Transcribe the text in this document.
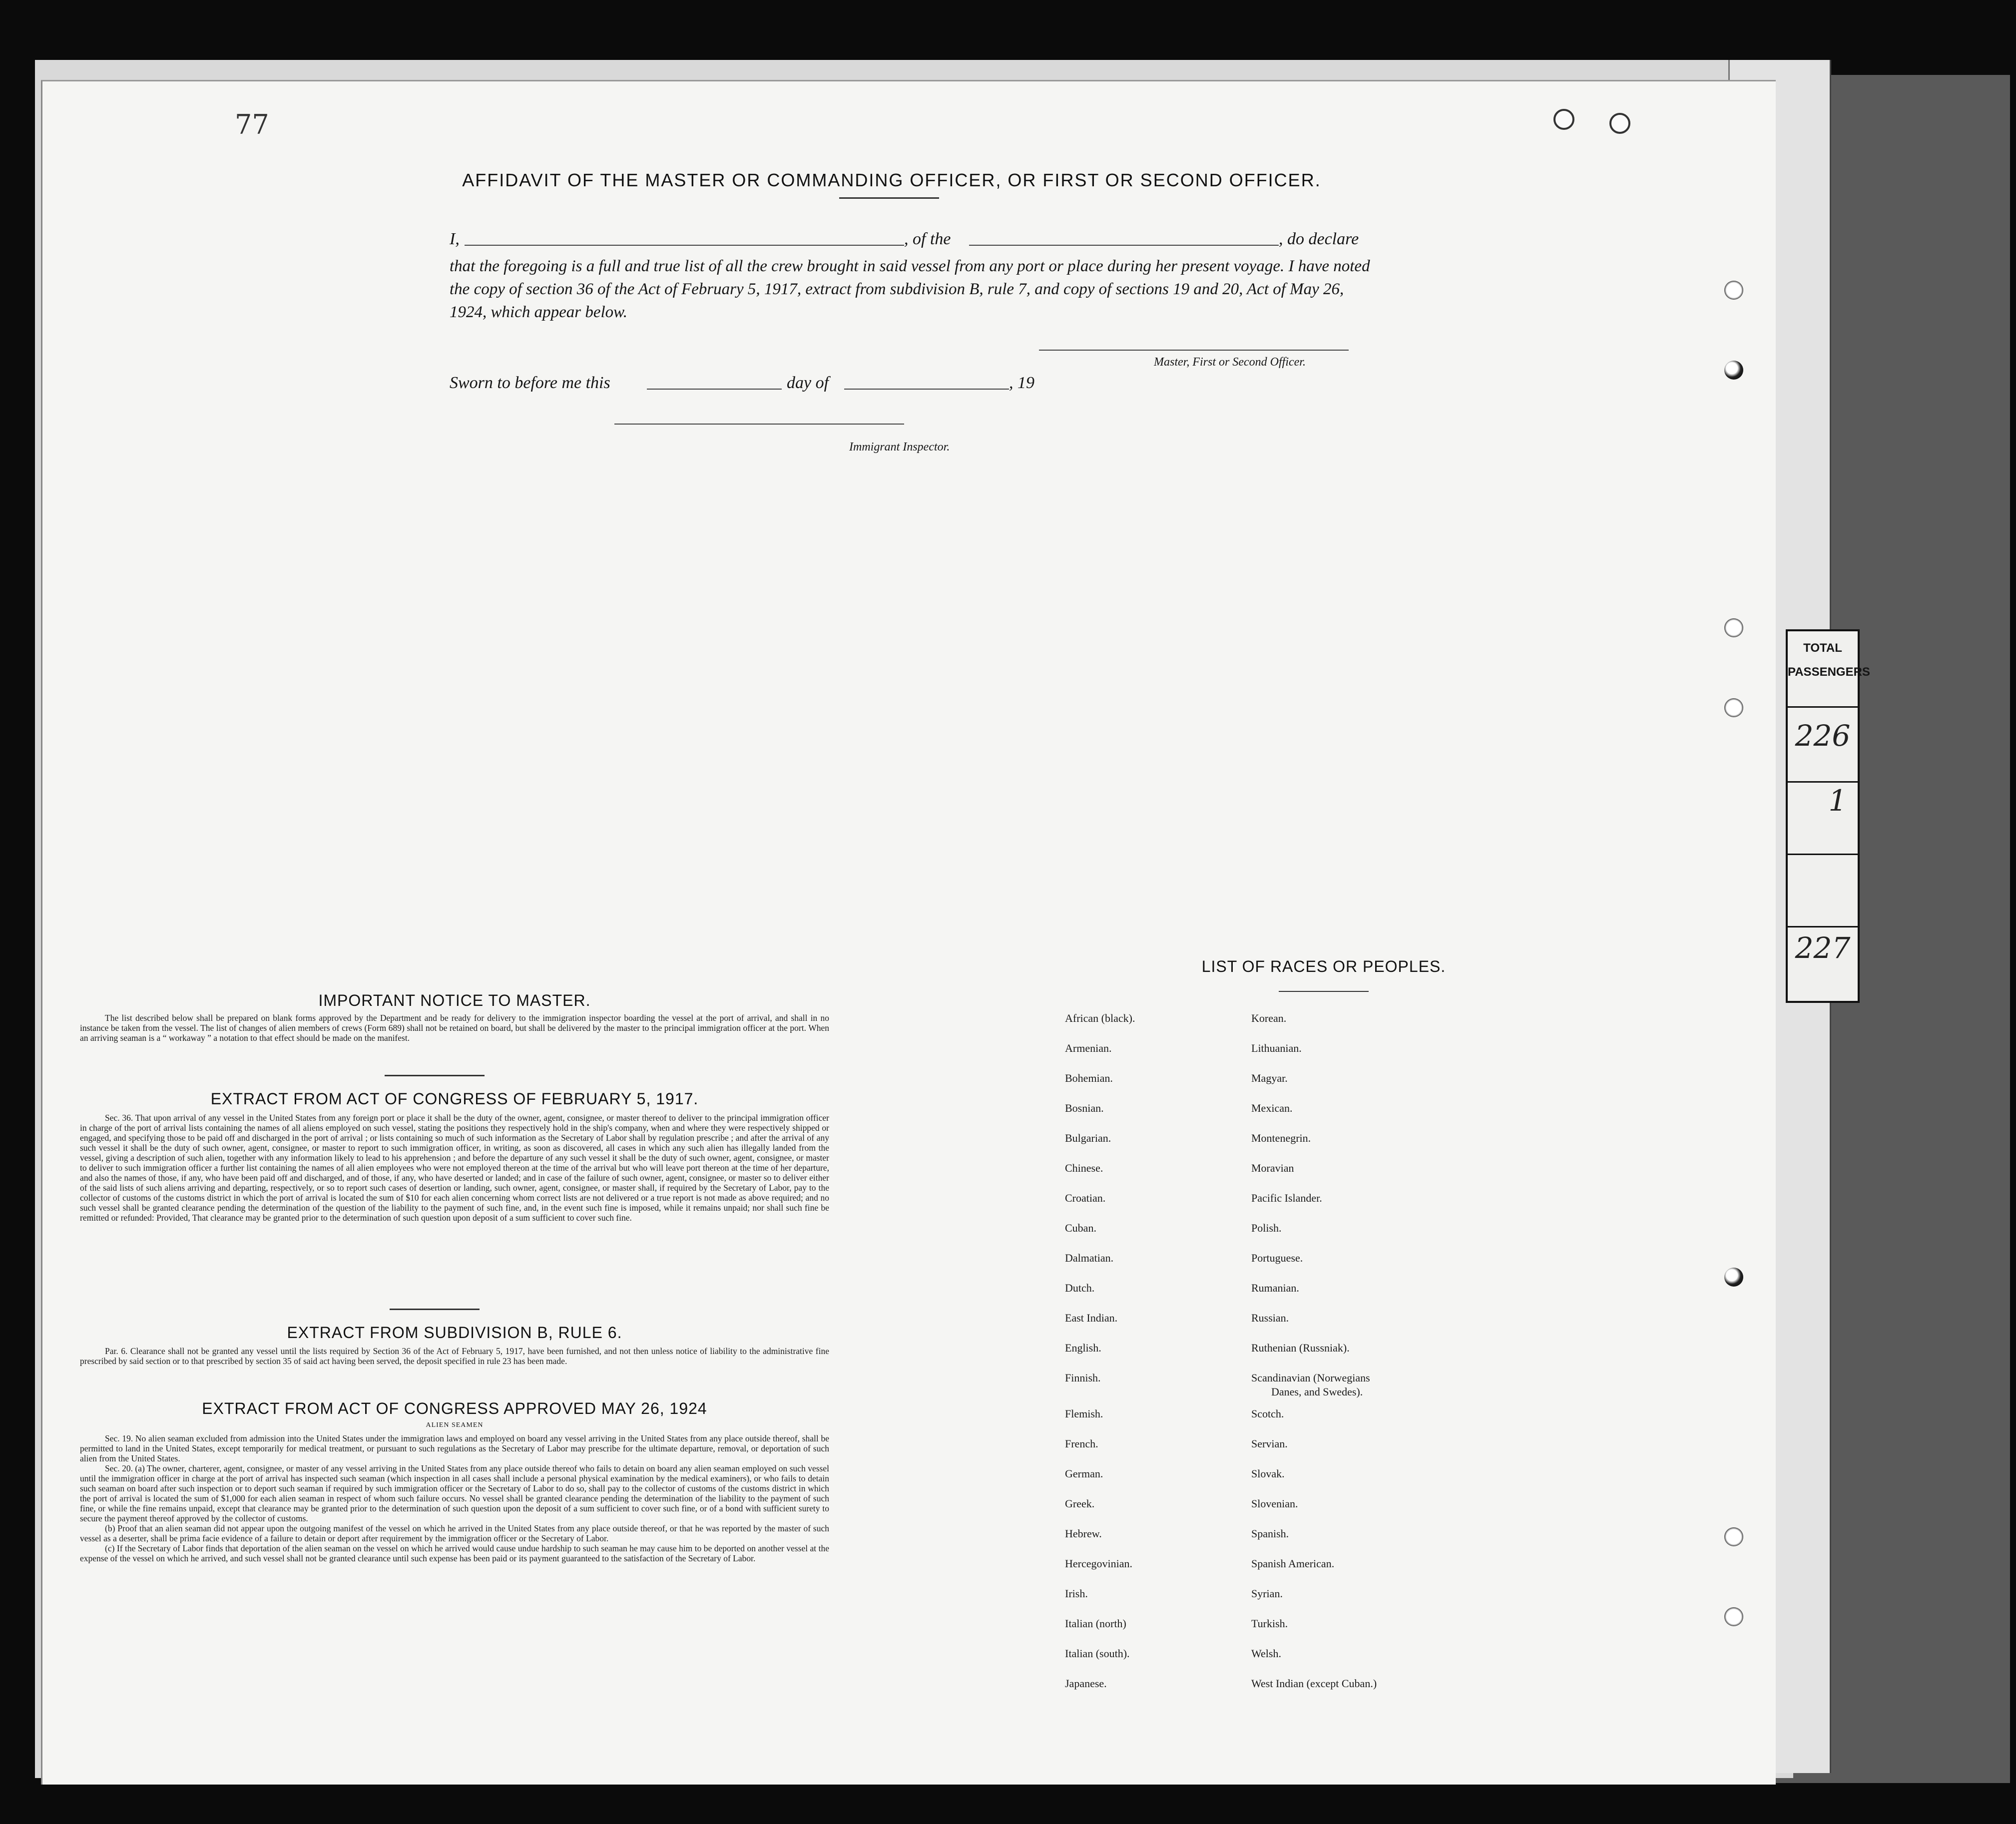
77
AFFIDAVIT OF THE MASTER OR COMMANDING OFFICER, OR FIRST OR SECOND OFFICER.
I,	, of the	, do declare
that the foregoing is a full and true list of all the crew brought in said vessel from any port or place during her present voyage. I have noted the copy of section 36 of the Act of February 5, 1917, extract from subdivision B, rule 7, and copy of sections 19 and 20, Act of May 26, 1924, which appear below.
Master, First or Second Officer.
Sworn to before me this	day of	, 19
Immigrant Inspector.
TOTAL
PASSENGERS
226
1
227
IMPORTANT NOTICE TO MASTER.

The list described below shall be prepared on blank forms approved by the Department and be ready for delivery to the immigration inspector boarding the vessel at the port of arrival, and shall in no instance be taken from the vessel. The list of changes of alien members of crews (Form 689) shall not be retained on board, but shall be delivered by the master to the principal immigration officer at the port. When an arriving seaman is a “ workaway ” a notation to that effect should be made on the manifest.

EXTRACT FROM ACT OF CONGRESS OF FEBRUARY 5, 1917.

Sec. 36. That upon arrival of any vessel in the United States from any foreign port or place it shall be the duty of the owner, agent, consignee, or master thereof to deliver to the principal immigration officer in charge of the port of arrival lists containing the names of all aliens employed on such vessel, stating the positions they respectively hold in the ship's company, when and where they were respectively shipped or engaged, and specifying those to be paid off and discharged in the port of arrival ; or lists containing so much of such information as the Secretary of Labor shall by regulation prescribe ; and after the arrival of any such vessel it shall be the duty of such owner, agent, consignee, or master to report to such immigration officer, in writing, as soon as discovered, all cases in which any such alien has illegally landed from the vessel, giving a description of such alien, together with any information likely to lead to his apprehension ; and before the departure of any such vessel it shall be the duty of such owner, agent, consignee, or master to deliver to such immigration officer a further list containing the names of all alien employees who were not employed thereon at the time of the arrival but who will leave port thereon at the time of her departure, and also the names of those, if any, who have been paid off and discharged, and of those, if any, who have deserted or landed; and in case of the failure of such owner, agent, consignee, or master so to deliver either of the said lists of such aliens arriving and departing, respectively, or so to report such cases of desertion or landing, such owner, agent, consignee, or master shall, if required by the Secretary of Labor, pay to the collector of customs of the customs district in which the port of arrival is located the sum of $10 for each alien concerning whom correct lists are not delivered or a true report is not made as above required; and no such vessel shall be granted clearance pending the determination of the question of the liability to the payment of such fine, and, in the event such fine is imposed, while it remains unpaid; nor shall such fine be remitted or refunded: Provided, That clearance may be granted prior to the determination of such question upon deposit of a sum sufficient to cover such fine.

EXTRACT FROM SUBDIVISION B, RULE 6.

Par. 6. Clearance shall not be granted any vessel until the lists required by Section 36 of the Act of February 5, 1917, have been furnished, and not then unless notice of liability to the administrative fine prescribed by said section or to that prescribed by section 35 of said act having been served, the deposit specified in rule 23 has been made.

EXTRACT FROM ACT OF CONGRESS APPROVED MAY 26, 1924
ALIEN SEAMEN

Sec. 19. No alien seaman excluded from admission into the United States under the immigration laws and employed on board any vessel arriving in the United States from any place outside thereof, shall be permitted to land in the United States, except temporarily for medical treatment, or pursuant to such regulations as the Secretary of Labor may prescribe for the ultimate departure, removal, or deportation of such alien from the United States.

Sec. 20. (a) The owner, charterer, agent, consignee, or master of any vessel arriving in the United States from any place outside thereof who fails to detain on board any alien seaman employed on such vessel until the immigration officer in charge at the port of arrival has inspected such seaman (which inspection in all cases shall include a personal physical examination by the medical examiners), or who fails to detain such seaman on board after such inspection or to deport such seaman if required by such immigration officer or the Secretary of Labor to do so, shall pay to the collector of customs of the customs district in which the port of arrival is located the sum of $1,000 for each alien seaman in respect of whom such failure occurs. No vessel shall be granted clearance pending the determination of the liability to the payment of such fine, or while the fine remains unpaid, except that clearance may be granted prior to the determination of such question upon the deposit of a sum sufficient to cover such fine, or of a bond with sufficient surety to secure the payment thereof approved by the collector of customs.

(b) Proof that an alien seaman did not appear upon the outgoing manifest of the vessel on which he arrived in the United States from any place outside thereof, or that he was reported by the master of such vessel as a deserter, shall be prima facie evidence of a failure to detain or deport after requirement by the immigration officer or the Secretary of Labor.

(c) If the Secretary of Labor finds that deportation of the alien seaman on the vessel on which he arrived would cause undue hardship to such seaman he may cause him to be deported on another vessel at the expense of the vessel on which he arrived, and such vessel shall not be granted clearance until such expense has been paid or its payment guaranteed to the satisfaction of the Secretary of Labor.

LIST OF RACES OR PEOPLES.
African (black).
Armenian.
Bohemian.
Bosnian.
Bulgarian.
Chinese.
Croatian.
Cuban.
Dalmatian.
Dutch.
East Indian.
English.
Finnish.
Flemish.
French.
German.
Greek.
Hebrew.
Hercegovinian.
Irish.
Italian (north)
Italian (south).
Japanese.
Korean.
Lithuanian.
Magyar.
Mexican.
Montenegrin.
Moravian
Pacific Islander.
Polish.
Portuguese.
Rumanian.
Russian.
Ruthenian (Russniak).
Scandinavian (Norwegians
Danes, and Swedes).
Scotch.
Servian.
Slovak.
Slovenian.
Spanish.
Spanish American.
Syrian.
Turkish.
Welsh.
West Indian (except Cuban.)
